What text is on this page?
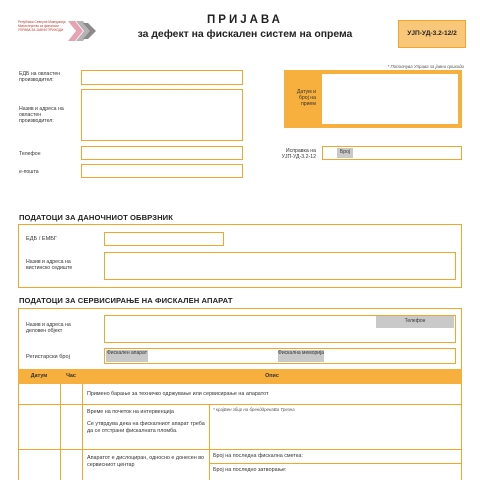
Република Северна Македонија
Министерство за финансии
УПРАВА ЗА ЈАВНИ ПРИХОДИ
ПРИЈАВА
за дефект на фискален систем на опрема	УЈП-УД-3.2-12/2
* Пополнува Управа за јавни приходи
ЕДБ на овластен производител:
Назив и адреса на овластен производител:
Телефон
е-пошта
Датум и број на прием
Исправка на УЈП-УД-3.2-12
Број
ПОДАТОЦИ ЗА ДАНОЧНИОТ ОБВРЗНИК
ЕДБ / ЕМБГ
Назив и адреса на вистинско седиште
ПОДАТОЦИ ЗА СЕРВИСИРАЊЕ НА ФИСКАЛЕН АПАРАТ
Назив и адреса на деловен објект
Телефон
Регистарски број
Фискален апарат	Фискална меморија
Датум	Час	Опис
Примено барање за техничко одржување или сервисирање на апаратот
Време на почеток на интервенција
Се утврдува дека на фискалниот апарат треба да се отстрани фискалната пломба.
* крајБен збир на бренддренаВа Трезна
Апаратот е дислоциран, односно е донесен во сервисниот центар
Број на последна фискална сметка:
Број на последно затворање:
